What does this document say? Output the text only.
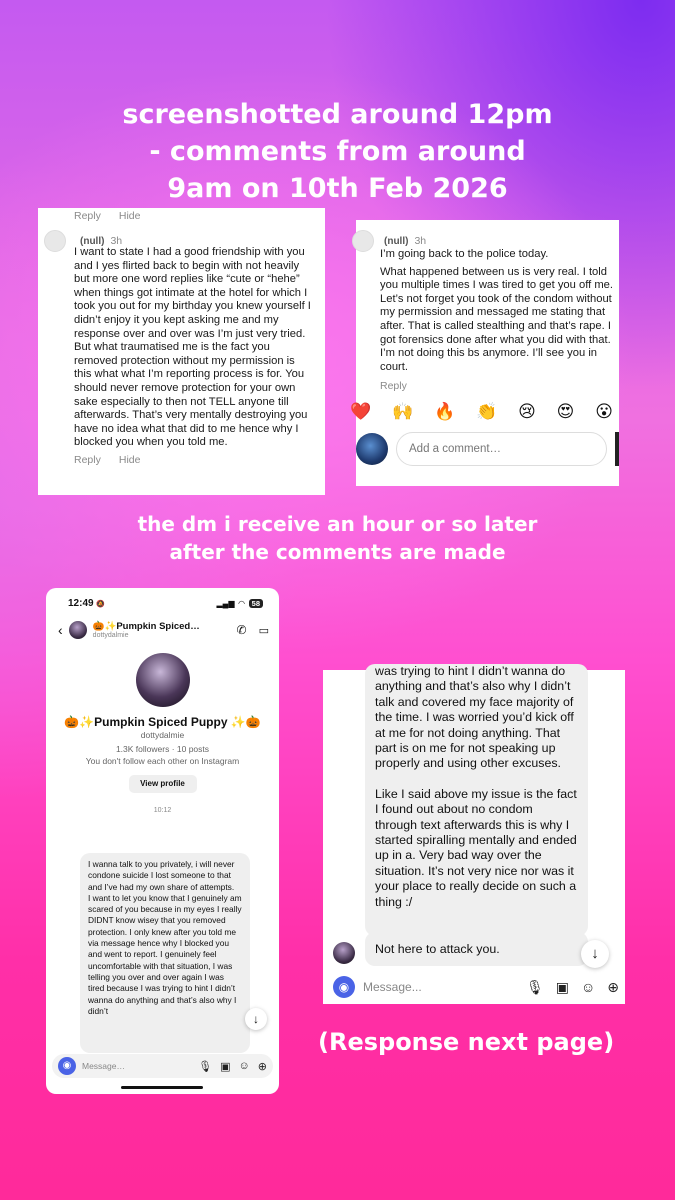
screenshotted around 12pm
- comments from around
9am on 10th Feb 2026
the dm i receive an hour or so later
after the comments are made
(Response next page)
Reply Hide
(null) 3h
I want to state I had a good friendship with you and I yes flirted back to begin with not heavily but more one word replies like “cute or “hehe” when things got intimate at the hotel for which I took you out for my birthday you knew yourself I didn’t enjoy it you kept asking me and my response over and over was I’m just very tried. But what traumatised me is the fact you removed protection without my permission is this what what I’m reporting process is for. You should never remove protection for your own sake especially to then not TELL anyone till afterwards. That’s very mentally destroying you have no idea what that did to me hence why I blocked you when you told me.
Reply Hide
(null) 3h
I’m going back to the police today.
What happened between us is very real. I told you multiple times I was tired to get you off me. Let’s not forget you took of the condom without my permission and messaged me stating that after. That is called stealthing and that’s rape. I got forensics done after what you did with that. I’m not doing this bs anymore. I’ll see you in court.
Reply
❤️ 🙌 🔥 👏 😢 😍 😮
Add a comment…
12:49 🔕	▂▄▆ ◠ 58
‹	🎃✨Pumpkin Spiced…
dottydalmie	✆ ▭
🎃✨Pumpkin Spiced Puppy ✨🎃
dottydalmie
1.3K followers · 10 posts
You don't follow each other on Instagram
View profile
10:12
I wanna talk to you privately, i will never condone suicide I lost someone to that and I’ve had my own share of attempts.
I want to let you know that I genuinely am scared of you because in my eyes I really DIDNT know wisey that you removed protection. I only knew after you told me via message hence why I blocked you and went to report. I genuinely feel uncomfortable with that situation, I was telling you over and over again I was tired because I was trying to hint I didn’t wanna do anything and that’s also why I didn’t
↓
◉	Message…	🎙 ▣ ☺ ⊕

was trying to hint I didn’t wanna do anything and that’s also why I didn’t talk and covered my face majority of the time. I was worried you’d kick off at me for not doing anything. That part is on me for not speaking up properly and using other excuses.

Like I said above my issue is the fact I found out about no condom through text afterwards this is why I started spiralling mentally and ended up in a. Very bad way over the situation. It’s not very nice nor was it your place to really decide on such a thing :/

Not here to attack you.	↓
◉	Message...	🎙 ▣ ☺ ⊕
